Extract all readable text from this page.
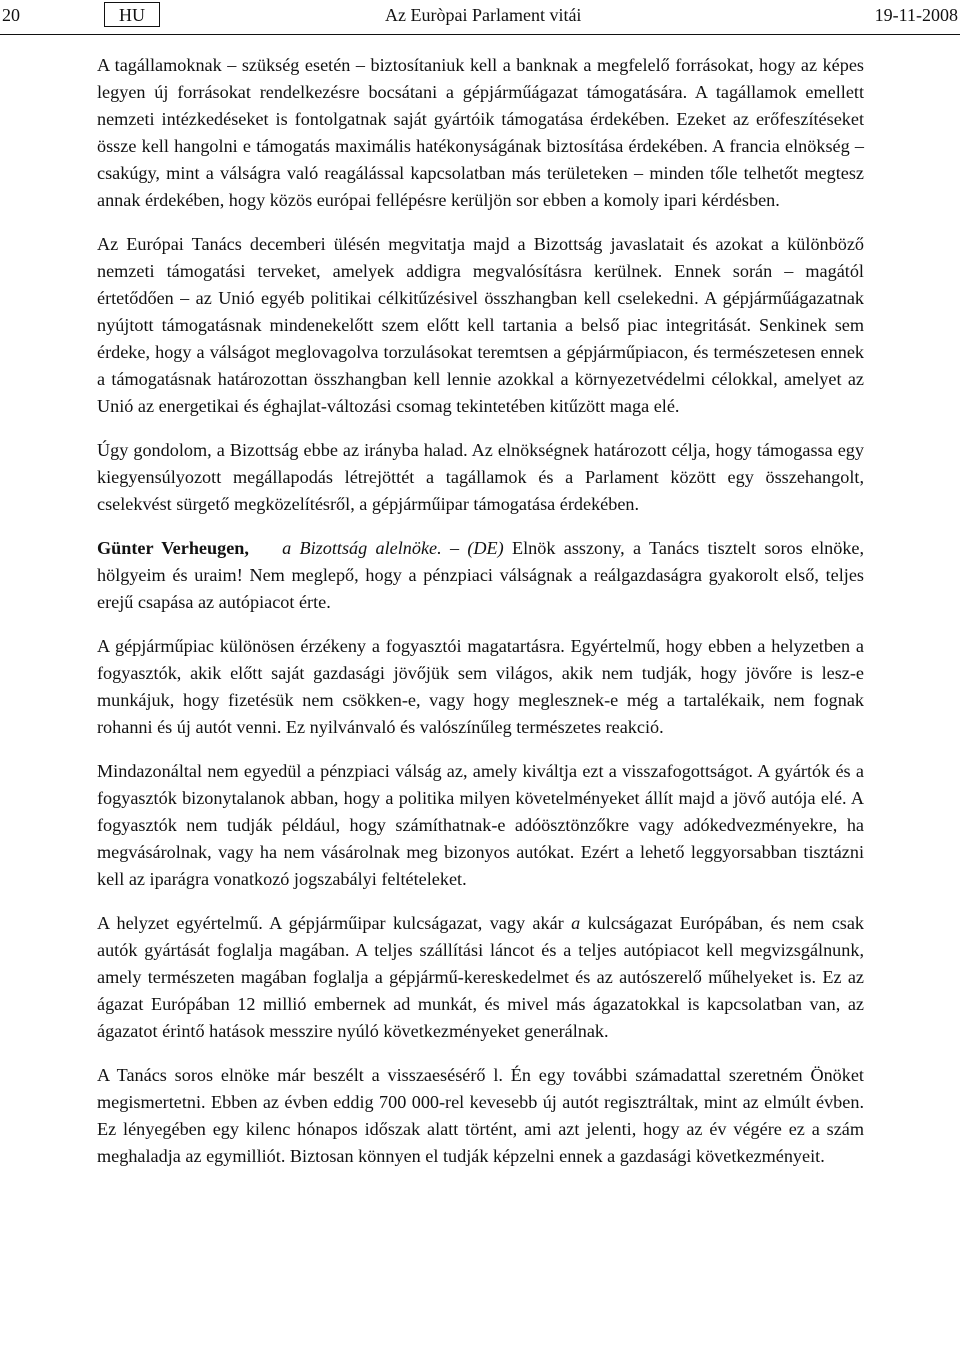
20	HU	Az Euròpai Parlament vitái	19-11-2008

A tagállamoknak – szükség esetén – biztosítaniuk kell a banknak a megfelelő forrásokat, hogy az képes legyen új forrásokat rendelkezésre bocsátani a gépjárműágazat támogatására. A tagállamok emellett nemzeti intézkedéseket is fontolgatnak saját gyártóik támogatása érdekében. Ezeket az erőfeszítéseket össze kell hangolni e támogatás maximális hatékonyságának biztosítása érdekében. A francia elnökség – csakúgy, mint a válságra való reagálással kapcsolatban más területeken – minden tőle telhetőt megtesz annak érdekében, hogy közös európai fellépésre kerüljön sor ebben a komoly ipari kérdésben.

Az Európai Tanács decemberi ülésén megvitatja majd a Bizottság javaslatait és azokat a különböző nemzeti támogatási terveket, amelyek addigra megvalósításra kerülnek. Ennek során – magától értetődően – az Unió egyéb politikai célkitűzésivel összhangban kell cselekedni. A gépjárműágazatnak nyújtott támogatásnak mindenekelőtt szem előtt kell tartania a belső piac integritását. Senkinek sem érdeke, hogy a válságot meglovagolva torzulásokat teremtsen a gépjárműpiacon, és természetesen ennek a támogatásnak határozottan összhangban kell lennie azokkal a környezetvédelmi célokkal, amelyet az Unió az energetikai és éghajlat-változási csomag tekintetében kitűzött maga elé.

Úgy gondolom, a Bizottság ebbe az irányba halad. Az elnökségnek határozott célja, hogy támogassa egy kiegyensúlyozott megállapodás létrejöttét a tagállamok és a Parlament között egy összehangolt, cselekvést sürgető megközelítésről, a gépjárműipar támogatása érdekében.

Günter Verheugen, a Bizottság alelnöke. – (DE) Elnök asszony, a Tanács tisztelt soros elnöke, hölgyeim és uraim! Nem meglepő, hogy a pénzpiaci válságnak a reálgazdaságra gyakorolt első, teljes erejű csapása az autópiacot érte.

A gépjárműpiac különösen érzékeny a fogyasztói magatartásra. Egyértelmű, hogy ebben a helyzetben a fogyasztók, akik előtt saját gazdasági jövőjük sem világos, akik nem tudják, hogy jövőre is lesz-e munkájuk, hogy fizetésük nem csökken-e, vagy hogy meglesznek-e még a tartalékaik, nem fognak rohanni és új autót venni. Ez nyilvánvaló és valószínűleg természetes reakció.

Mindazonáltal nem egyedül a pénzpiaci válság az, amely kiváltja ezt a visszafogottságot. A gyártók és a fogyasztók bizonytalanok abban, hogy a politika milyen követelményeket állít majd a jövő autója elé. A fogyasztók nem tudják például, hogy számíthatnak-e adóösztönzőkre vagy adókedvezményekre, ha megvásárolnak, vagy ha nem vásárolnak meg bizonyos autókat. Ezért a lehető leggyorsabban tisztázni kell az iparágra vonatkozó jogszabályi feltételeket.

A helyzet egyértelmű. A gépjárműipar kulcságazat, vagy akár a kulcságazat Európában, és nem csak autók gyártását foglalja magában. A teljes szállítási láncot és a teljes autópiacot kell megvizsgálnunk, amely természeten magában foglalja a gépjármű-kereskedelmet és az autószerelő műhelyeket is. Ez az ágazat Európában 12 millió embernek ad munkát, és mivel más ágazatokkal is kapcsolatban van, az ágazatot érintő hatások messzire nyúló következményeket generálnak.

A Tanács soros elnöke már beszélt a visszaesésérő l. Én egy további számadattal szeretném Önöket megismertetni. Ebben az évben eddig 700 000-rel kevesebb új autót regisztráltak, mint az elmúlt évben. Ez lényegében egy kilenc hónapos időszak alatt történt, ami azt jelenti, hogy az év végére ez a szám meghaladja az egymilliót. Biztosan könnyen el tudják képzelni ennek a gazdasági következményeit.
